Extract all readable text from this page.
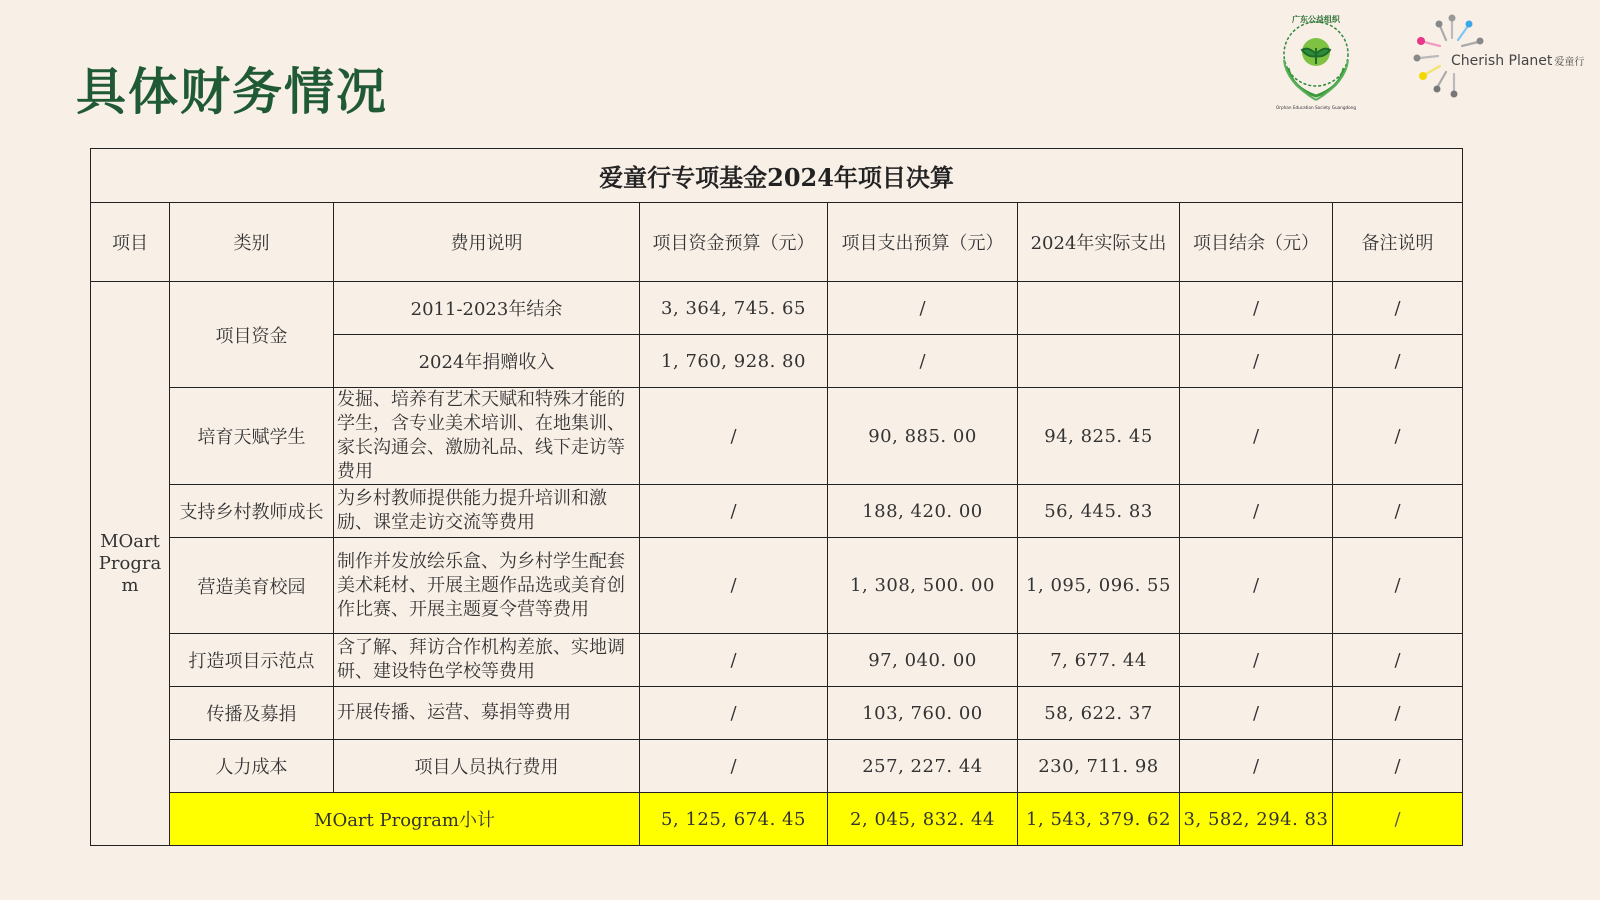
具体财务情况
广东公益组织
Orphan Education Society Guangdong
Cherish Planet 爱童行
爱童行专项基金2024年项目决算							
项目	类别	费用说明	项目资金预算（元）	项目支出预算（元）	2024年实际支出	项目结余（元）	备注说明
MOart Program	项目资金	2011-2023年结余	3, 364, 745. 65	/		/	/
		2024年捐赠收入	1, 760, 928. 80	/		/	/
	培育天赋学生	发掘、培养有艺术天赋和特殊才能的学生，含专业美术培训、在地集训、家长沟通会、激励礼品、线下走访等费用	/	90, 885. 00	94, 825. 45	/	/
	支持乡村教师成长	为乡村教师提供能力提升培训和激励、课堂走访交流等费用	/	188, 420. 00	56, 445. 83	/	/
	营造美育校园	制作并发放绘乐盒、为乡村学生配套美术耗材、开展主题作品选或美育创作比赛、开展主题夏令营等费用	/	1, 308, 500. 00	1, 095, 096. 55	/	/
	打造项目示范点	含了解、拜访合作机构差旅、实地调研、建设特色学校等费用	/	97, 040. 00	7, 677. 44	/	/
	传播及募捐	开展传播、运营、募捐等费用	/	103, 760. 00	58, 622. 37	/	/
	人力成本	项目人员执行费用	/	257, 227. 44	230, 711. 98	/	/
	MOart Program小计		5, 125, 674. 45	2, 045, 832. 44	1, 543, 379. 62	3, 582, 294. 83	/
